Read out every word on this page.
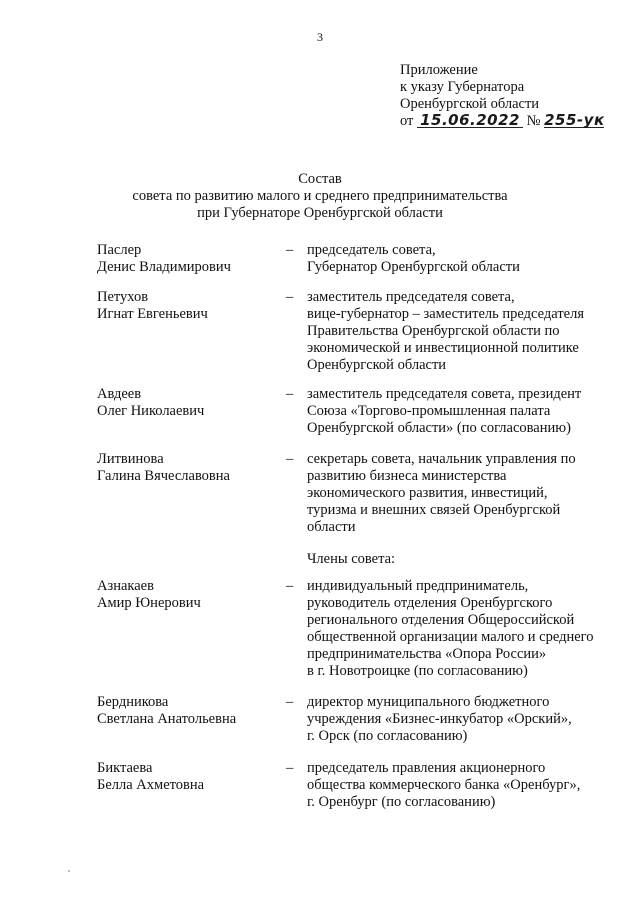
3
Приложение
к указу Губернатора
Оренбургской области
от 15.06.2022 № 255-ук
Состав
совета по развитию малого и среднего предпринимательства
при Губернаторе Оренбургской области
Паслер
Денис Владимирович
– председатель совета,
Губернатор Оренбургской области
Петухов
Игнат Евгеньевич
– заместитель председателя совета,
вице-губернатор – заместитель председателя
Правительства Оренбургской области по
экономической и инвестиционной политике
Оренбургской области
Авдеев
Олег Николаевич
– заместитель председателя совета, президент
Союза «Торгово-промышленная палата
Оренбургской области» (по согласованию)
Литвинова
Галина Вячеславовна
– секретарь совета, начальник управления по
развитию бизнеса министерства
экономического развития, инвестиций,
туризма и внешних связей Оренбургской
области
Члены совета:
Азнакаев
Амир Юнерович
– индивидуальный предприниматель,
руководитель отделения Оренбургского
регионального отделения Общероссийской
общественной организации малого и среднего
предпринимательства «Опора России»
в г. Новотроицке (по согласованию)
Бердникова
Светлана Анатольевна
– директор муниципального бюджетного
учреждения «Бизнес-инкубатор «Орский»,
г. Орск (по согласованию)
Биктаева
Белла Ахметовна
– председатель правления акционерного
общества коммерческого банка «Оренбург»,
г. Оренбург (по согласованию)
